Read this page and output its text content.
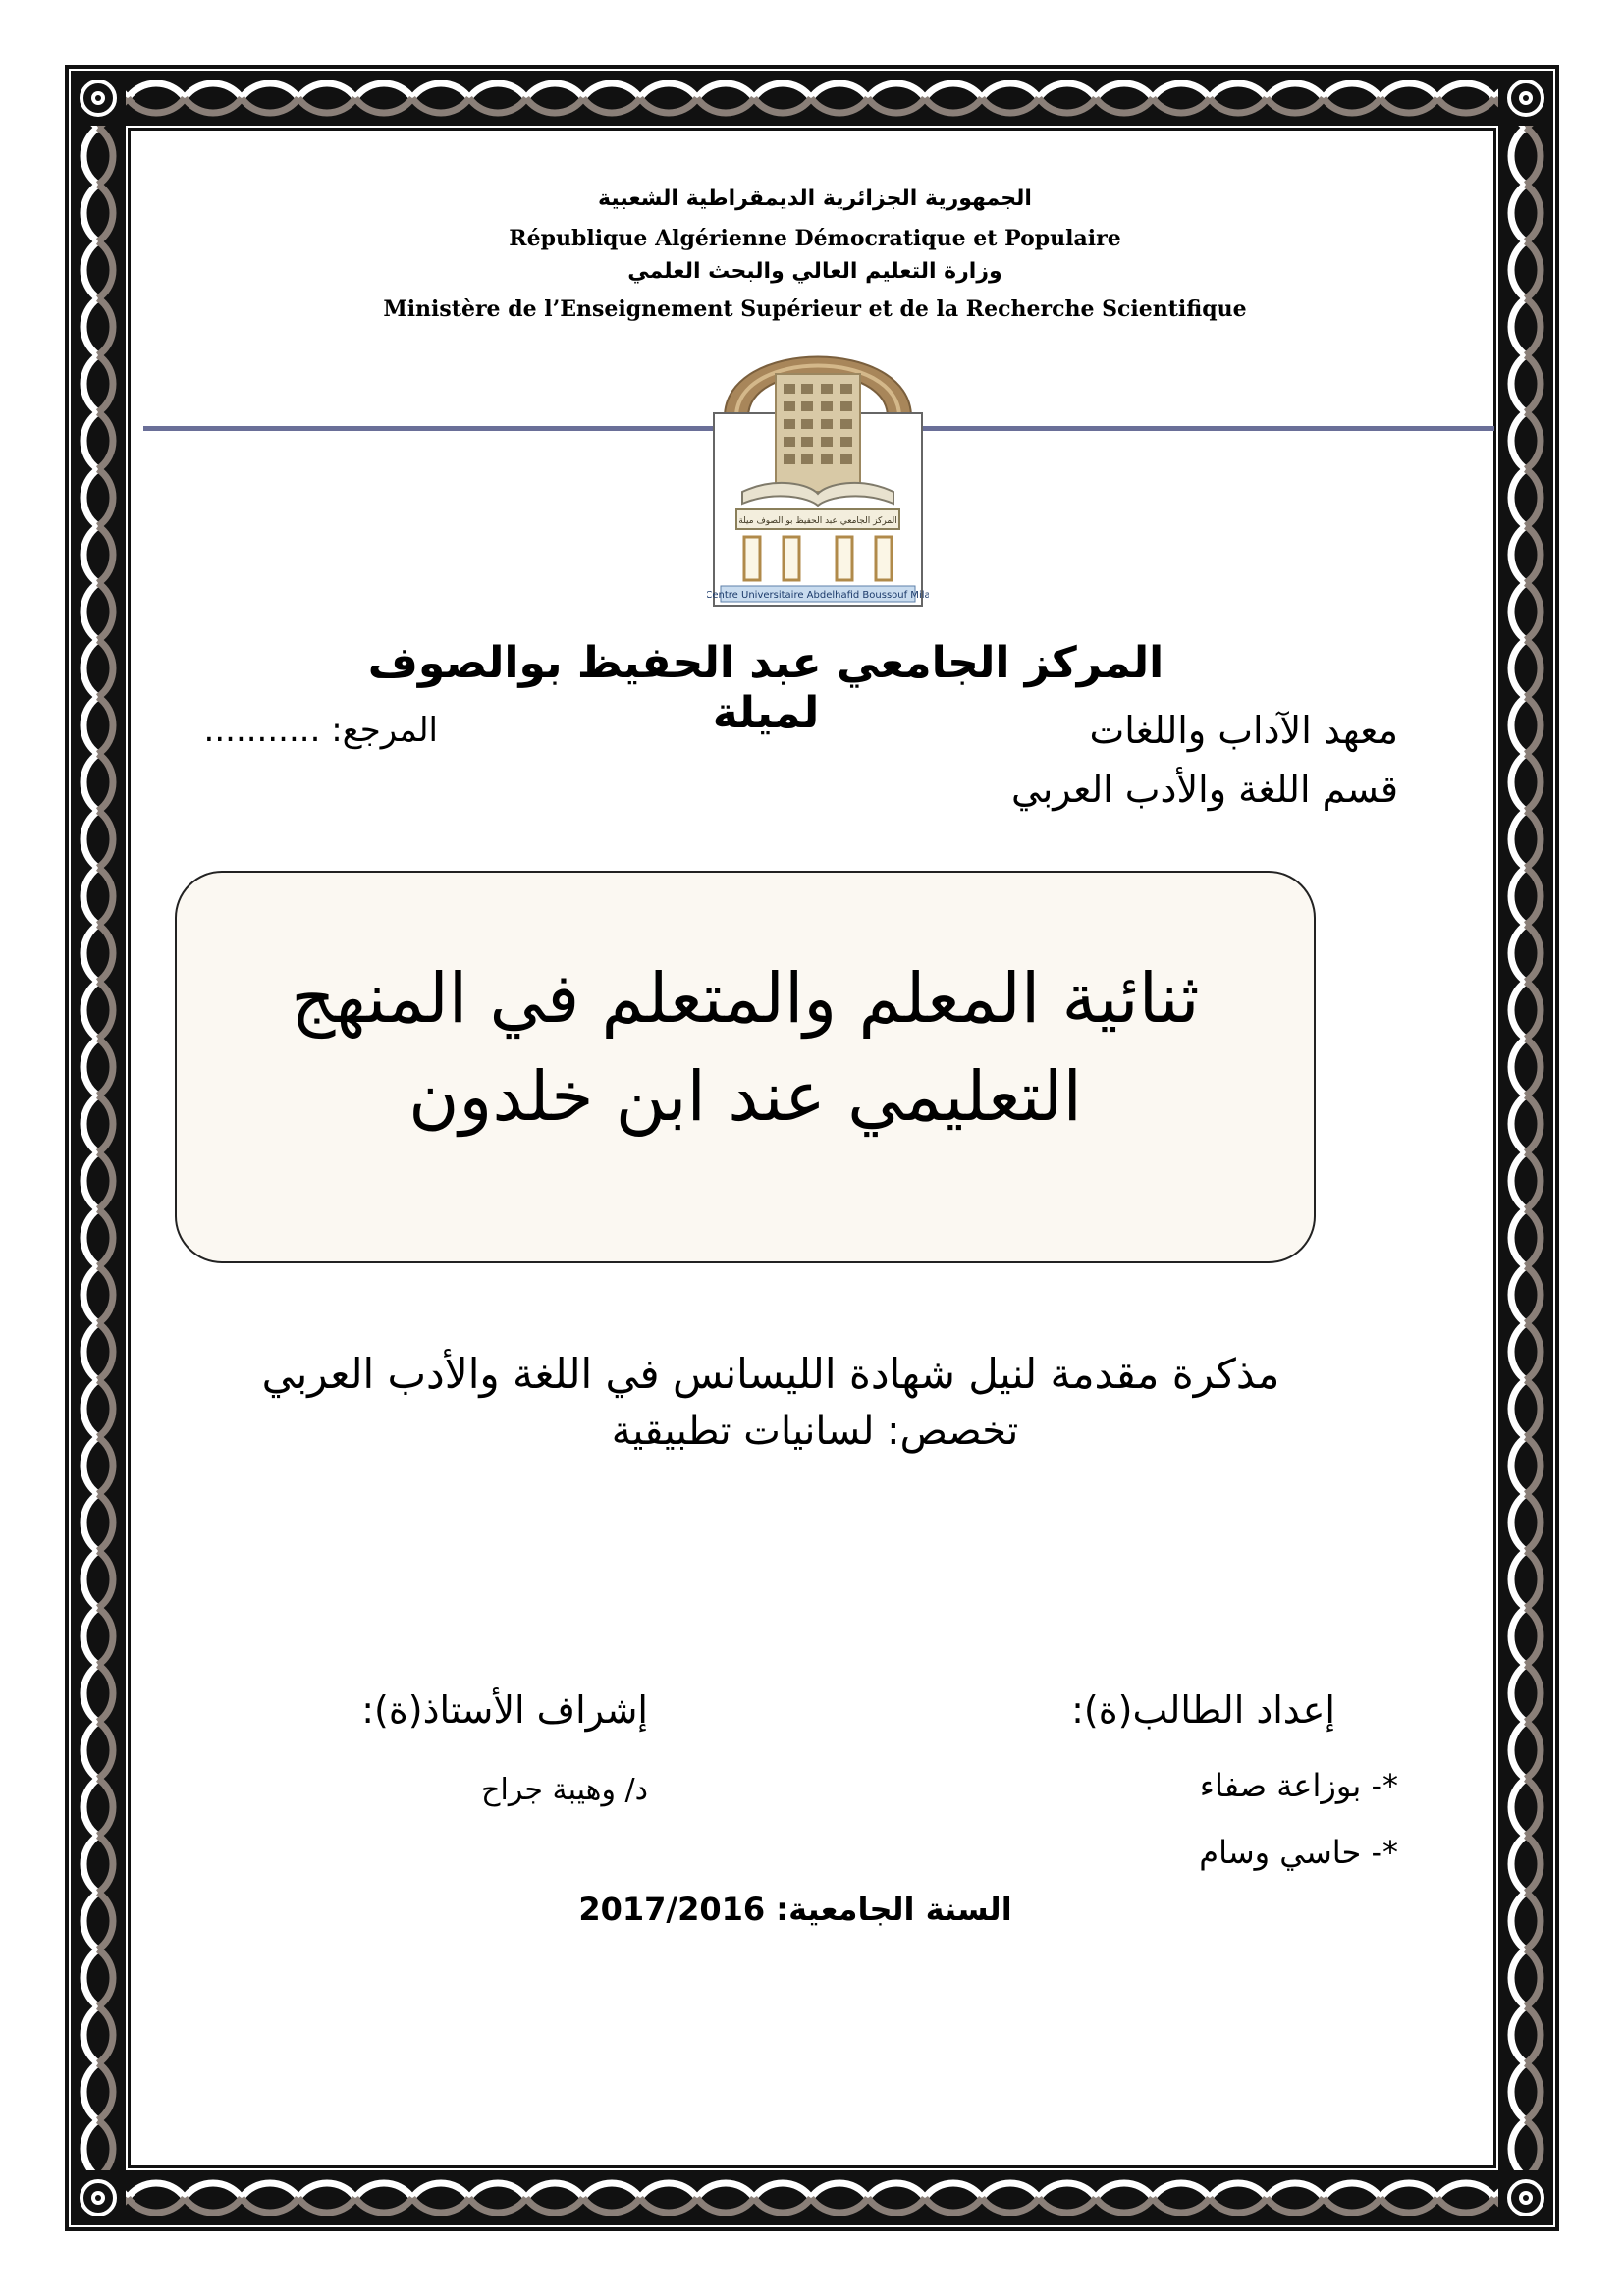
الجمهورية الجزائرية الديمقراطية الشعبية
République Algérienne Démocratique et Populaire
وزارة التعليم العالي والبحث العلمي
Ministère de l’Enseignement Supérieur et de la Recherche Scientifique
المركز الجامعي عبد الحفيظ بو الصوف ميلة
Centre Universitaire Abdelhafid Boussouf Mila
المركز الجامعي عبد الحفيظ بوالصوف لميلة	معهد الآداب واللغات
المرجع: ...........
قسم اللغة والأدب العربي
ثنائية المعلم والمتعلم في المنهج
التعليمي عند ابن خلدون
مذكرة مقدمة لنيل شهادة الليسانس في اللغة والأدب العربي
تخصص: لسانيات تطبيقية
إعداد الطالب(ة):
إشراف الأستاذ(ة):
*- بوزاعة صفاء
د/ وهيبة جراح
*- حاسي وسام
السنة الجامعية: 2017/2016
